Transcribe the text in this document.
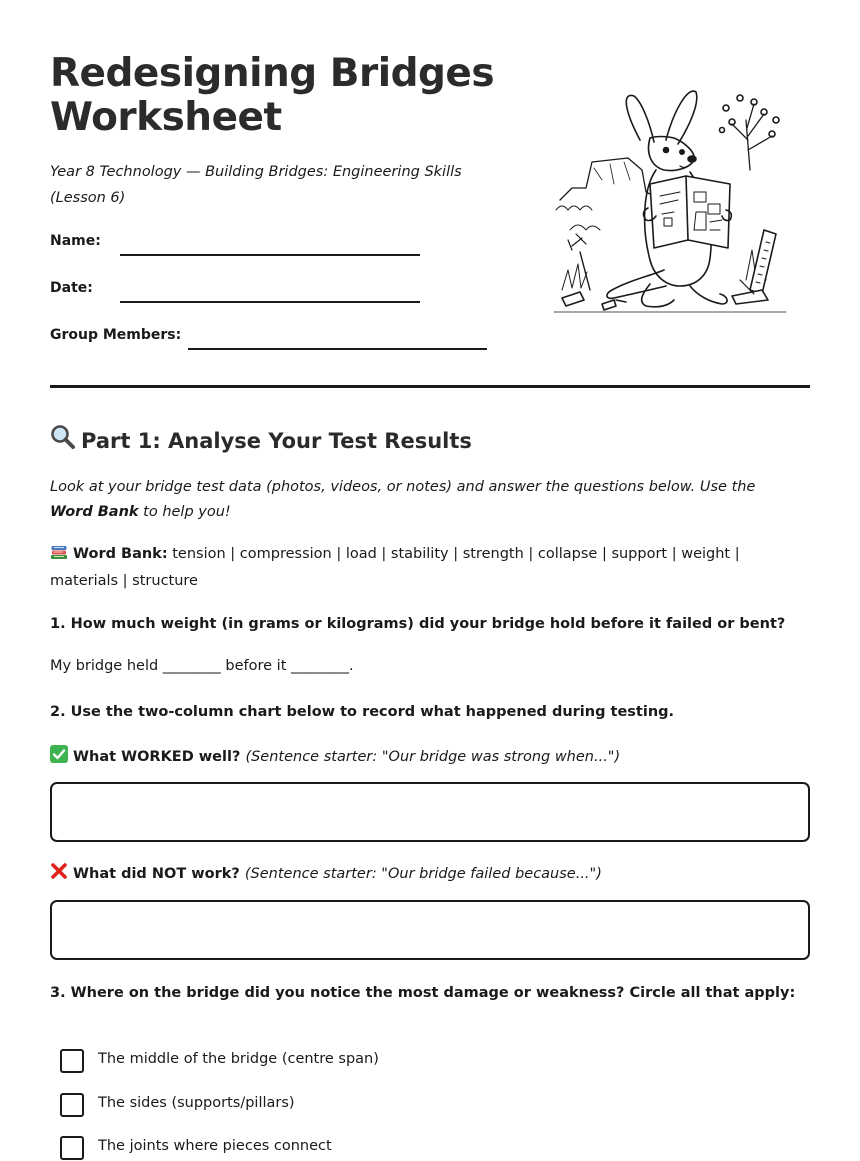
Redesigning Bridges Worksheet

Year 8 Technology — Building Bridges: Engineering Skills (Lesson 6)

Name:
Date:
Group Members:
Part 1: Analyse Your Test Results

Look at your bridge test data (photos, videos, or notes) and answer the questions below. Use the Word Bank to help you!

Word Bank: tension | compression | load | stability | strength | collapse | support | weight | materials | structure

1. How much weight (in grams or kilograms) did your bridge hold before it failed or bent?

My bridge held ________ before it ________.

2. Use the two-column chart below to record what happened during testing.

What WORKED well? (Sentence starter: "Our bridge was strong when...")

What did NOT work? (Sentence starter: "Our bridge failed because...")

3. Where on the bridge did you notice the most damage or weakness? Circle all that apply:

The middle of the bridge (centre span)
The sides (supports/pillars)
The joints where pieces connect
